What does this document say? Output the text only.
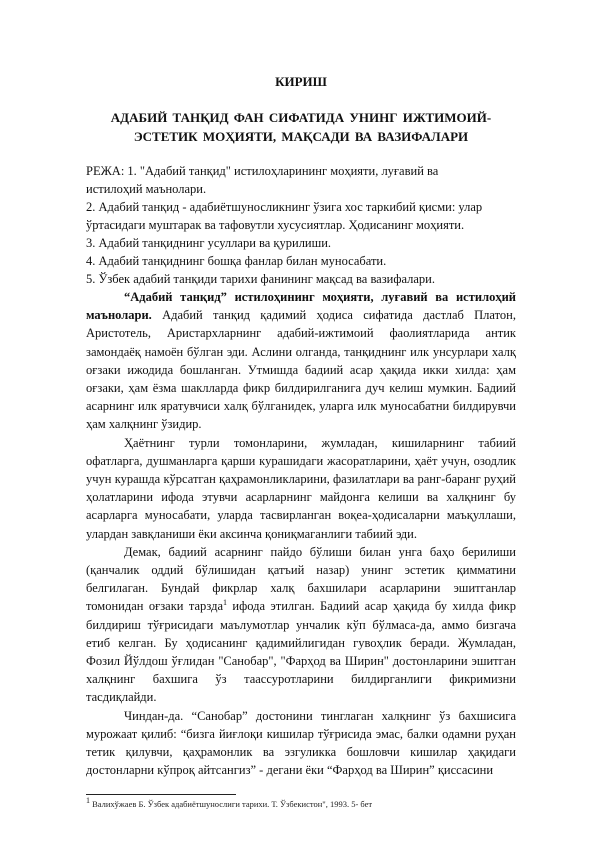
КИРИШ
АДАБИЙ ТАНҚИД ФАН СИФАТИДА УНИНГ ИЖТИМОИЙ-
ЭСТЕТИК МОҲИЯТИ, МАҚСАДИ ВА ВАЗИФАЛАРИ
РЕЖА: 1. "Адабий танқид" истилоҳларининг моҳияти, луғавий ва
истилоҳий маънолари.
2. Адабий танқид - адабиётшуносликнинг ўзига хос таркибий қисми: улар
ўртасидаги муштарак ва тафовутли хусусиятлар. Ҳодисанинг моҳияти.
3. Адабий танқиднинг усуллари ва қурилиши.
4. Адабий танқиднинг бошқа фанлар билан муносабати.
5. Ўзбек адабий танқиди тарихи фанининг мақсад ва вазифалари.

“Адабий танқид” истилоҳининг моҳияти, луғавий ва истилоҳий маънолари. Адабий танқид қадимий ҳодиса сифатида дастлаб Платон, Аристотель, Аристархларнинг адабий-ижтимоий фаолиятларида антик замондаёқ намоён бўлган эди. Аслини олганда, танқиднинг илк унсурлари халқ оғзаки ижодида бошланган. Утмишда бадиий асар ҳақида икки хилда: ҳам оғзаки, ҳам ёзма шаклларда фикр билдирилганига дуч келиш мумкин. Бадиий асарнинг илк яратувчиси халқ бўлганидек, уларга илк муносабатни билдирувчи ҳам халқнинг ўзидир.

Ҳаётнинг турли томонларини, жумладан, кишиларнинг табиий офатларга, душманларга қарши курашидаги жасоратларини, ҳаёт учун, озодлик учун курашда кўрсатган қаҳрамонликларини, фазилатлари ва ранг-баранг руҳий ҳолатларини ифода этувчи асарларнинг майдонга келиши ва халқнинг бу асарларга муносабати, уларда тасвирланган воқеа-ҳодисаларни маъқуллаши, улардан завқланиши ёки аксинча қониқмаганлиги табиий эди.

Демак, бадиий асарнинг пайдо бўлиши билан унга баҳо берилиши (қанчалик оддий бўлишидан қатъий назар) унинг эстетик қимматини белгилаган. Бундай фикрлар халқ бахшилари асарларини эшитганлар томонидан оғзаки тарзда$^1$ ифода этилган. Бадиий асар ҳақида бу хилда фикр билдириш тўғрисидаги маълумотлар унчалик кўп бўлмаса-да, аммо бизгача етиб келган. Бу ҳодисанинг қадимийлигидан гувоҳлик беради. Жумладан, Фозил Йўлдош ўғлидан "Санобар", "Фарҳод ва Ширин" достонларини эшитган халқнинг бахшига ўз таассуротларини билдирганлиги фикримизни тасдиқлайди.

Чиндан-да. “Санобар” достонини тинглаган халқнинг ўз бахшисига мурожаат қилиб: “бизга йиғлоқи кишилар тўғрисида эмас, балки одамни руҳан тетик қилувчи, қаҳрамонлик ва эзгуликка бошловчи кишилар ҳақидаги достонларни кўпроқ айтсангиз” - дегани ёки “Фарҳод ва Ширин” қиссасини

$^1$ Валихўжаев Б. Ўзбек адабиётшунослиги тарихи. Т. Ўзбекистон", 1993. 5- бет
